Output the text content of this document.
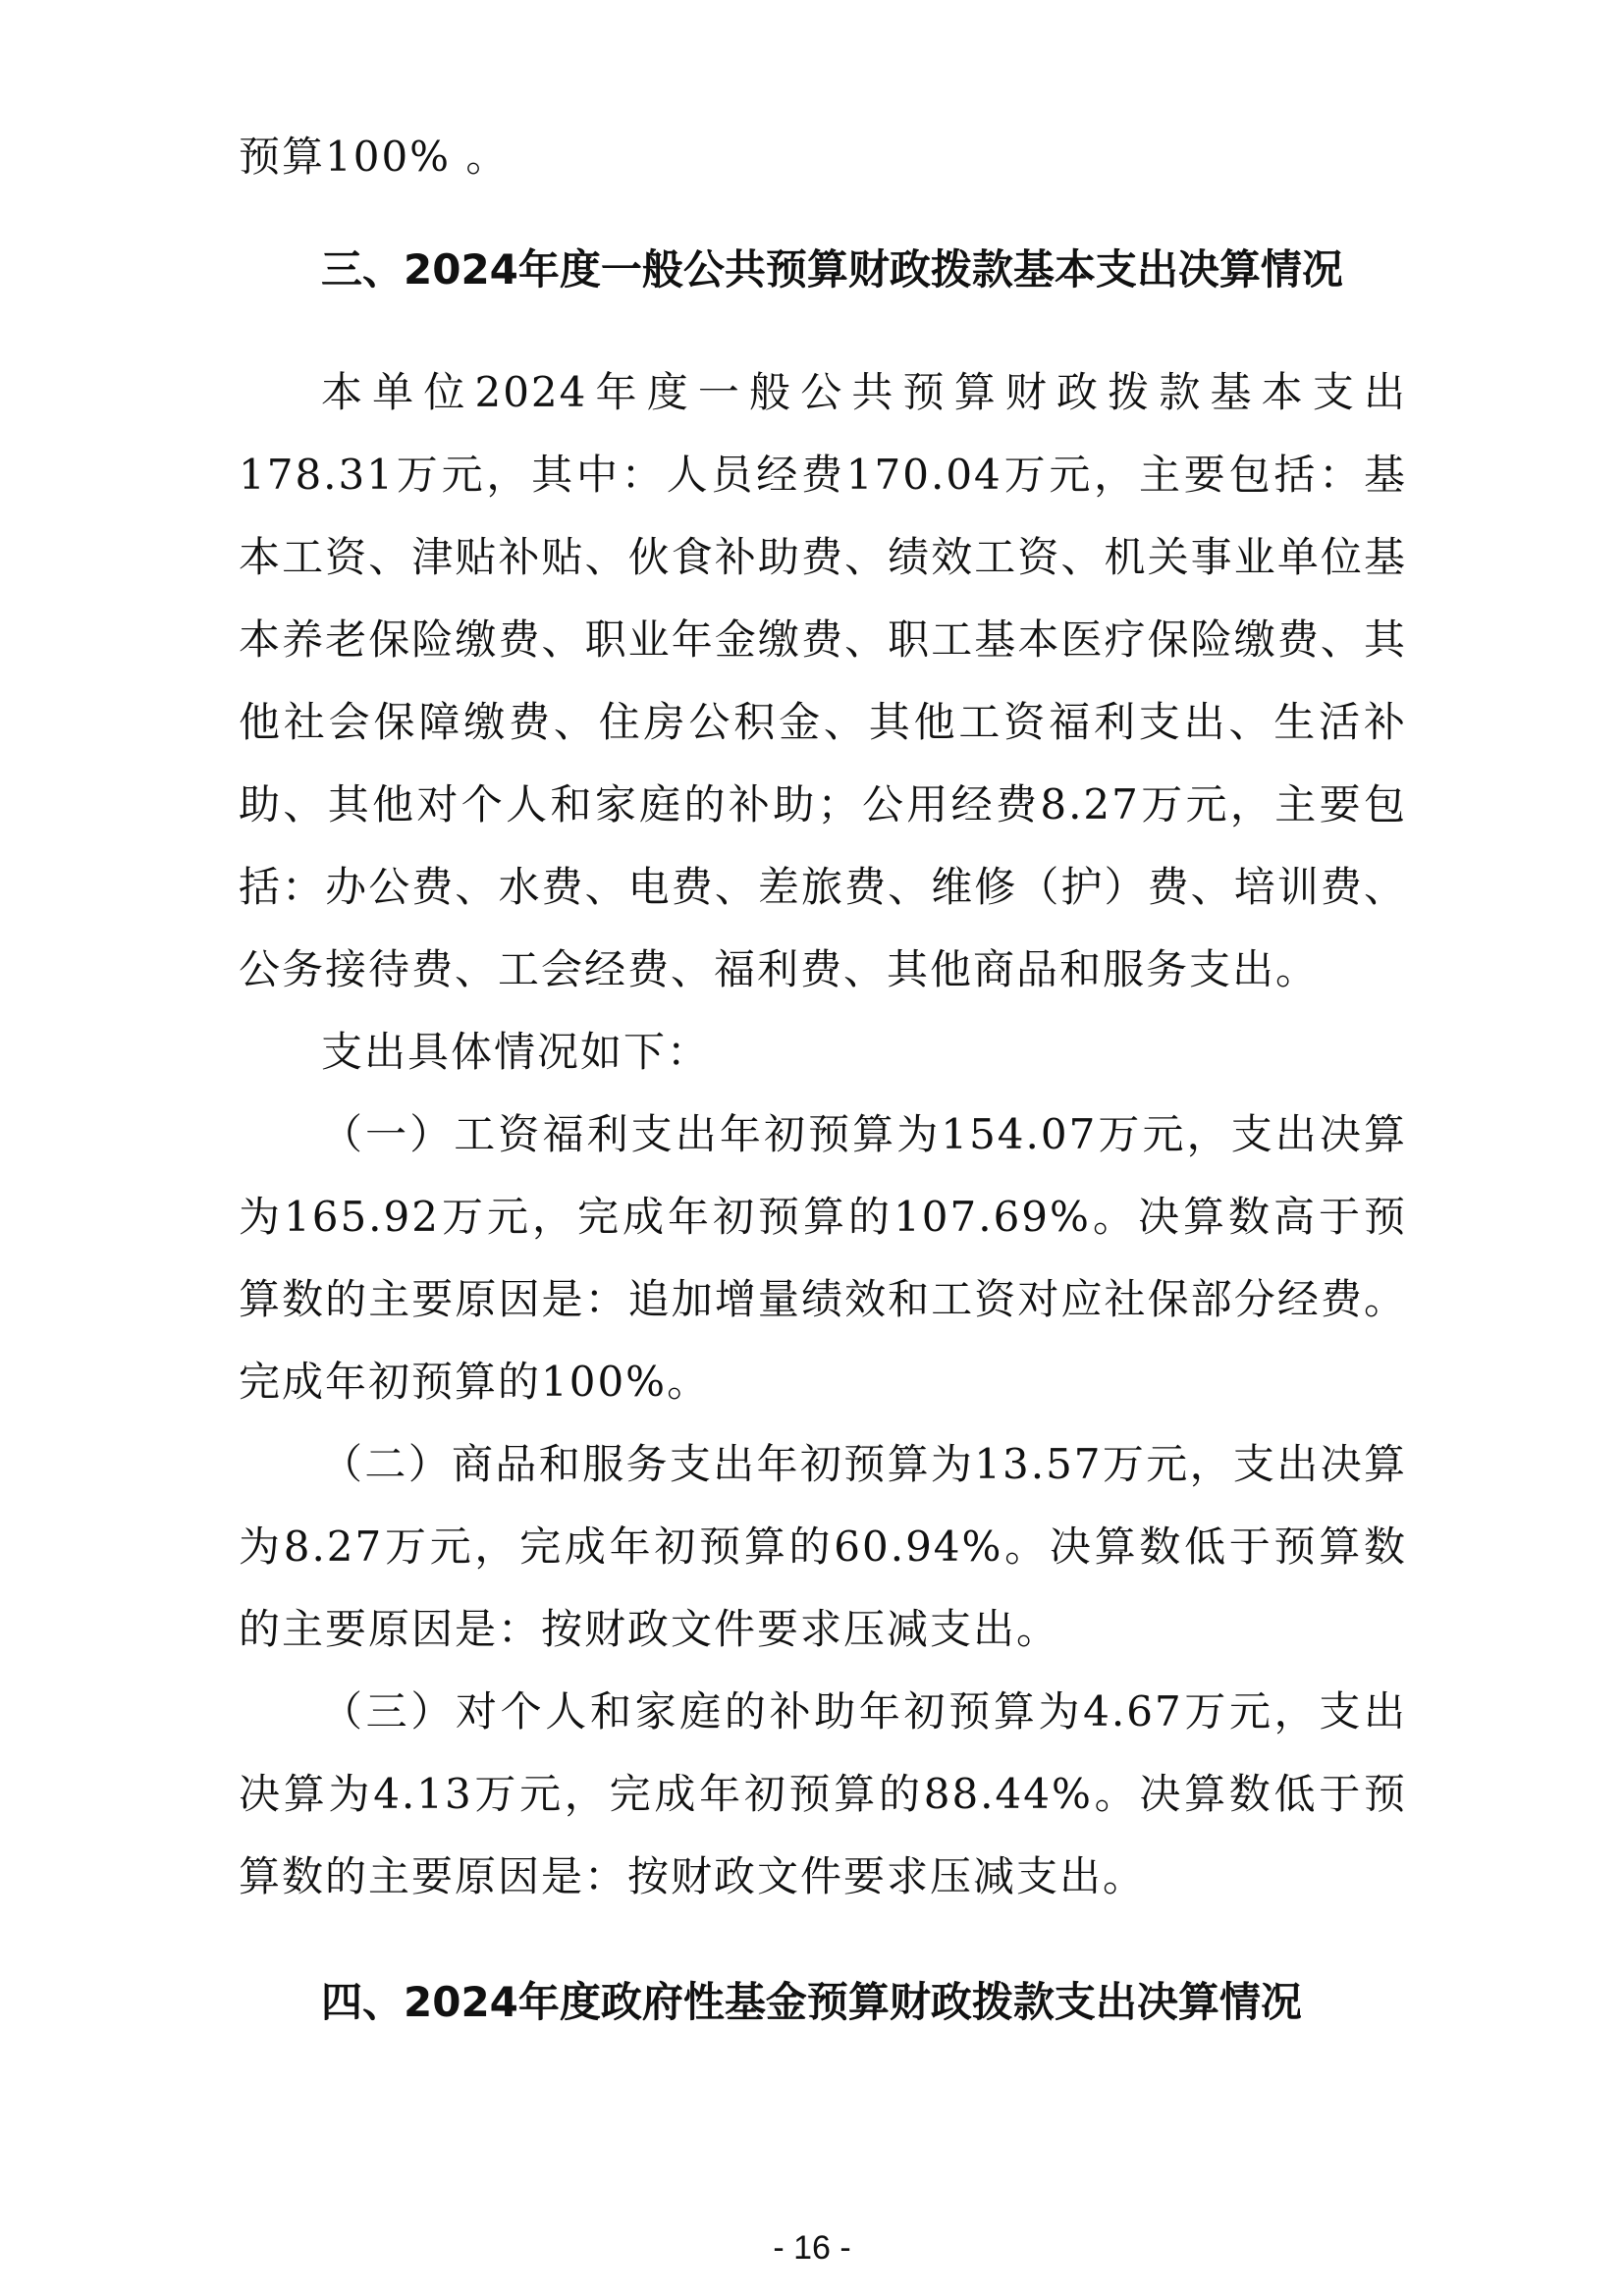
预算100% 。

三、2024年度一般公共预算财政拨款基本支出决算情况

本单位2024年度一般公共预算财政拨款基本支出178.31万元，其中：人员经费170.04万元，主要包括：基本工资、津贴补贴、伙食补助费、绩效工资、机关事业单位基本养老保险缴费、职业年金缴费、职工基本医疗保险缴费、其他社会保障缴费、住房公积金、其他工资福利支出、生活补助、其他对个人和家庭的补助；公用经费8.27万元，主要包括：办公费、水费、电费、差旅费、维修（护）费、培训费、公务接待费、工会经费、福利费、其他商品和服务支出。

支出具体情况如下：

（一）工资福利支出年初预算为154.07万元，支出决算为165.92万元，完成年初预算的107.69%。决算数高于预算数的主要原因是：追加增量绩效和工资对应社保部分经费。完成年初预算的100%。

（二）商品和服务支出年初预算为13.57万元，支出决算为8.27万元，完成年初预算的60.94%。决算数低于预算数的主要原因是：按财政文件要求压减支出。

（三）对个人和家庭的补助年初预算为4.67万元，支出决算为4.13万元，完成年初预算的88.44%。决算数低于预算数的主要原因是：按财政文件要求压减支出。

四、2024年度政府性基金预算财政拨款支出决算情况
- 16 -
